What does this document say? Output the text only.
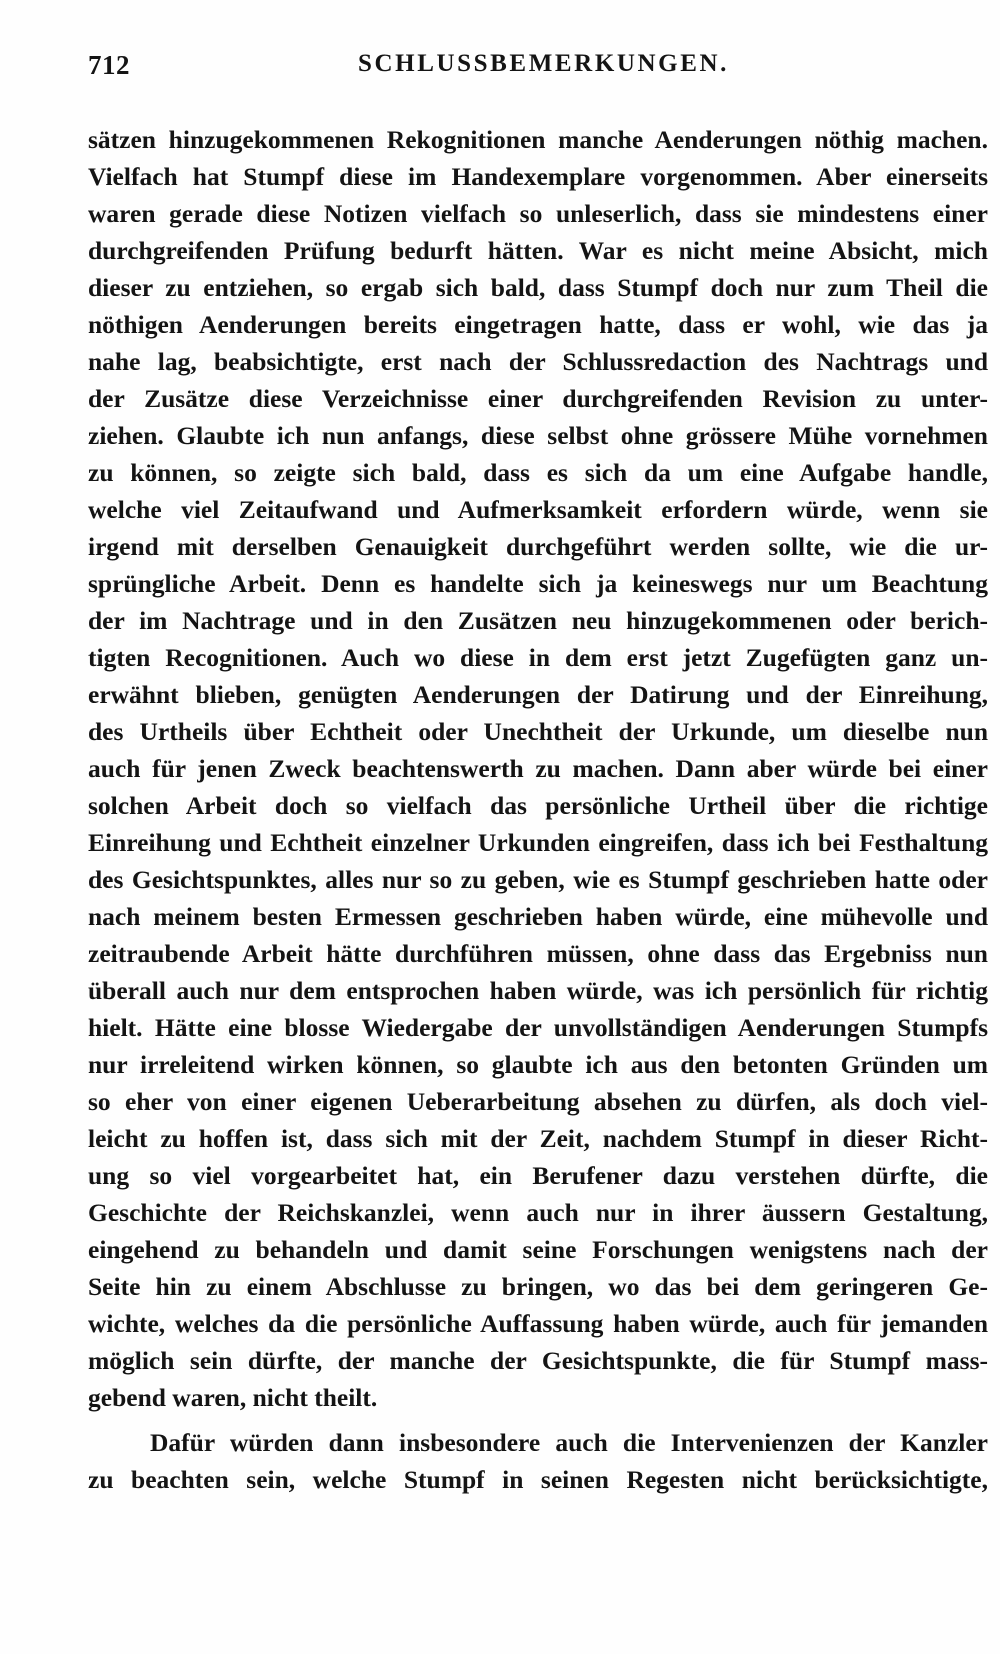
712	SCHLUSSBEMERKUNGEN.
sätzen hinzugekommenen Rekognitionen manche Aenderungen nöthig machen.
Vielfach hat Stumpf diese im Handexemplare vorgenommen. Aber einerseits
waren gerade diese Notizen vielfach so unleserlich, dass sie mindestens einer
durchgreifenden Prüfung bedurft hätten. War es nicht meine Absicht, mich
dieser zu entziehen, so ergab sich bald, dass Stumpf doch nur zum Theil die
nöthigen Aenderungen bereits eingetragen hatte, dass er wohl, wie das ja
nahe lag, beabsichtigte, erst nach der Schlussredaction des Nachtrags und
der Zusätze diese Verzeichnisse einer durchgreifenden Revision zu unter-
ziehen. Glaubte ich nun anfangs, diese selbst ohne grössere Mühe vornehmen
zu können, so zeigte sich bald, dass es sich da um eine Aufgabe handle,
welche viel Zeitaufwand und Aufmerksamkeit erfordern würde, wenn sie
irgend mit derselben Genauigkeit durchgeführt werden sollte, wie die ur-
sprüngliche Arbeit. Denn es handelte sich ja keineswegs nur um Beachtung
der im Nachtrage und in den Zusätzen neu hinzugekommenen oder berich-
tigten Recognitionen. Auch wo diese in dem erst jetzt Zugefügten ganz un-
erwähnt blieben, genügten Aenderungen der Datirung und der Einreihung,
des Urtheils über Echtheit oder Unechtheit der Urkunde, um dieselbe nun
auch für jenen Zweck beachtenswerth zu machen. Dann aber würde bei einer
solchen Arbeit doch so vielfach das persönliche Urtheil über die richtige
Einreihung und Echtheit einzelner Urkunden eingreifen, dass ich bei Festhaltung
des Gesichtspunktes, alles nur so zu geben, wie es Stumpf geschrieben hatte oder
nach meinem besten Ermessen geschrieben haben würde, eine mühevolle und
zeitraubende Arbeit hätte durchführen müssen, ohne dass das Ergebniss nun
überall auch nur dem entsprochen haben würde, was ich persönlich für richtig
hielt. Hätte eine blosse Wiedergabe der unvollständigen Aenderungen Stumpfs
nur irreleitend wirken können, so glaubte ich aus den betonten Gründen um
so eher von einer eigenen Ueberarbeitung absehen zu dürfen, als doch viel-
leicht zu hoffen ist, dass sich mit der Zeit, nachdem Stumpf in dieser Richt-
ung so viel vorgearbeitet hat, ein Berufener dazu verstehen dürfte, die
Geschichte der Reichskanzlei, wenn auch nur in ihrer äussern Gestaltung,
eingehend zu behandeln und damit seine Forschungen wenigstens nach der
Seite hin zu einem Abschlusse zu bringen, wo das bei dem geringeren Ge-
wichte, welches da die persönliche Auffassung haben würde, auch für jemanden
möglich sein dürfte, der manche der Gesichtspunkte, die für Stumpf mass-
gebend waren, nicht theilt.
Dafür würden dann insbesondere auch die Intervenienzen der Kanzler
zu beachten sein, welche Stumpf in seinen Regesten nicht berücksichtigte,
